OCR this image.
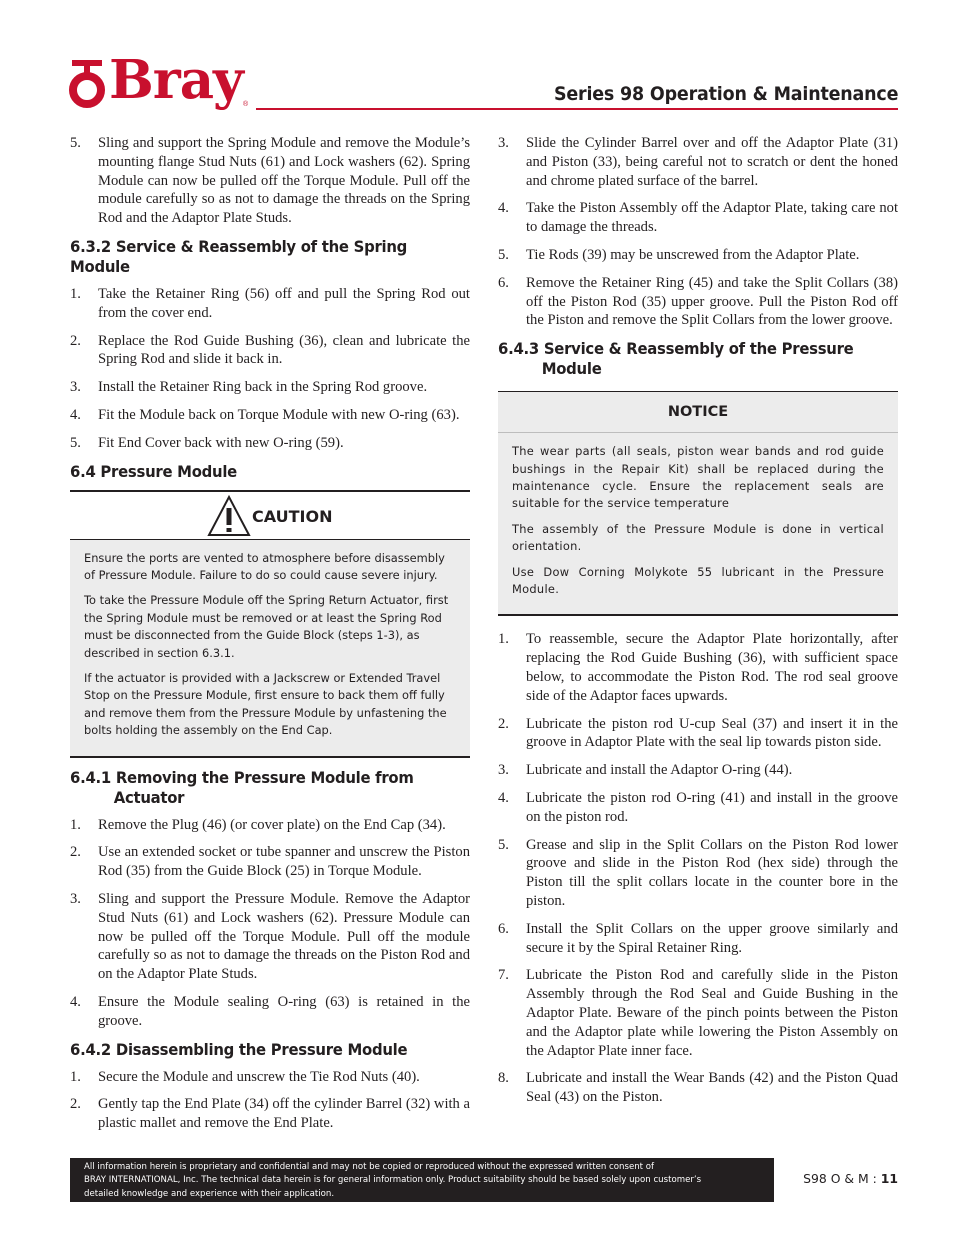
Bray ®	Series 98 Operation & Maintenance
5. Sling and support the Spring Module and remove the Module’s mounting flange Stud Nuts (61) and Lock washers (62). Spring Module can now be pulled off the Torque Module. Pull off the module carefully so as not to damage the threads on the Spring Rod and the Adaptor Plate Studs.
6.3.2 Service & Reassembly of the Spring Module
1. Take the Retainer Ring (56) off and pull the Spring Rod out from the cover end.
2. Replace the Rod Guide Bushing (36), clean and lubricate the Spring Rod and slide it back in.
3. Install the Retainer Ring back in the Spring Rod groove.
4. Fit the Module back on Torque Module with new O-ring (63).
5. Fit End Cover back with new O-ring (59).
6.4 Pressure Module
CAUTION

Ensure the ports are vented to atmosphere before disassembly of Pressure Module. Failure to do so could cause severe injury.

To take the Pressure Module off the Spring Return Actuator, first the Spring Module must be removed or at least the Spring Rod must be disconnected from the Guide Block (steps 1-3), as described in section 6.3.1.

If the actuator is provided with a Jackscrew or Extended Travel Stop on the Pressure Module, first ensure to back them off fully and remove them from the Pressure Module by unfastening the bolts holding the assembly on the End Cap.

6.4.1 Removing the Pressure Module from
Actuator
1. Remove the Plug (46) (or cover plate) on the End Cap (34).
2. Use an extended socket or tube spanner and unscrew the Piston Rod (35) from the Guide Block (25) in Torque Module.
3. Sling and support the Pressure Module. Remove the Adaptor Stud Nuts (61) and Lock washers (62). Pressure Module can now be pulled off the Torque Module. Pull off the module carefully so as not to damage the threads on the Piston Rod and on the Adaptor Plate Studs.
4. Ensure the Module sealing O-ring (63) is retained in the groove.
6.4.2 Disassembling the Pressure Module
1. Secure the Module and unscrew the Tie Rod Nuts (40).
2. Gently tap the End Plate (34) off the cylinder Barrel (32) with a plastic mallet and remove the End Plate.
3. Slide the Cylinder Barrel over and off the Adaptor Plate (31) and Piston (33), being careful not to scratch or dent the honed and chrome plated surface of the barrel.
4. Take the Piston Assembly off the Adaptor Plate, taking care not to damage the threads.
5. Tie Rods (39) may be unscrewed from the Adaptor Plate.
6. Remove the Retainer Ring (45) and take the Split Collars (38) off the Piston Rod (35) upper groove. Pull the Piston Rod off the Piston and remove the Split Collars from the lower groove.
6.4.3 Service & Reassembly of the Pressure
Module
NOTICE

The wear parts (all seals, piston wear bands and rod guide bushings in the Repair Kit) shall be replaced during the maintenance cycle. Ensure the replacement seals are suitable for the service temperature

The assembly of the Pressure Module is done in vertical orientation.

Use Dow Corning Molykote 55 lubricant in the Pressure Module.

1. To reassemble, secure the Adaptor Plate horizontally, after replacing the Rod Guide Bushing (36), with sufficient space below, to accommodate the Piston Rod. The rod seal groove side of the Adaptor faces upwards.
2. Lubricate the piston rod U-cup Seal (37) and insert it in the groove in Adaptor Plate with the seal lip towards piston side.
3. Lubricate and install the Adaptor O-ring (44).
4. Lubricate the piston rod O-ring (41) and install in the groove on the piston rod.
5. Grease and slip in the Split Collars on the Piston Rod lower groove and slide in the Piston Rod (hex side) through the Piston till the split collars locate in the counter bore in the piston.
6. Install the Split Collars on the upper groove similarly and secure it by the Spiral Retainer Ring.
7. Lubricate the Piston Rod and carefully slide in the Piston Assembly through the Rod Seal and Guide Bushing in the Adaptor Plate. Beware of the pinch points between the Piston and the Adaptor plate while lowering the Piston Assembly on the Adaptor Plate inner face.
8. Lubricate and install the Wear Bands (42) and the Piston Quad Seal (43) on the Piston.
All information herein is proprietary and confidential and may not be copied or reproduced without the expressed written consent of
BRAY INTERNATIONAL, Inc. The technical data herein is for general information only. Product suitability should be based solely upon customer’s
detailed knowledge and experience with their application.
S98 O & M : 11
